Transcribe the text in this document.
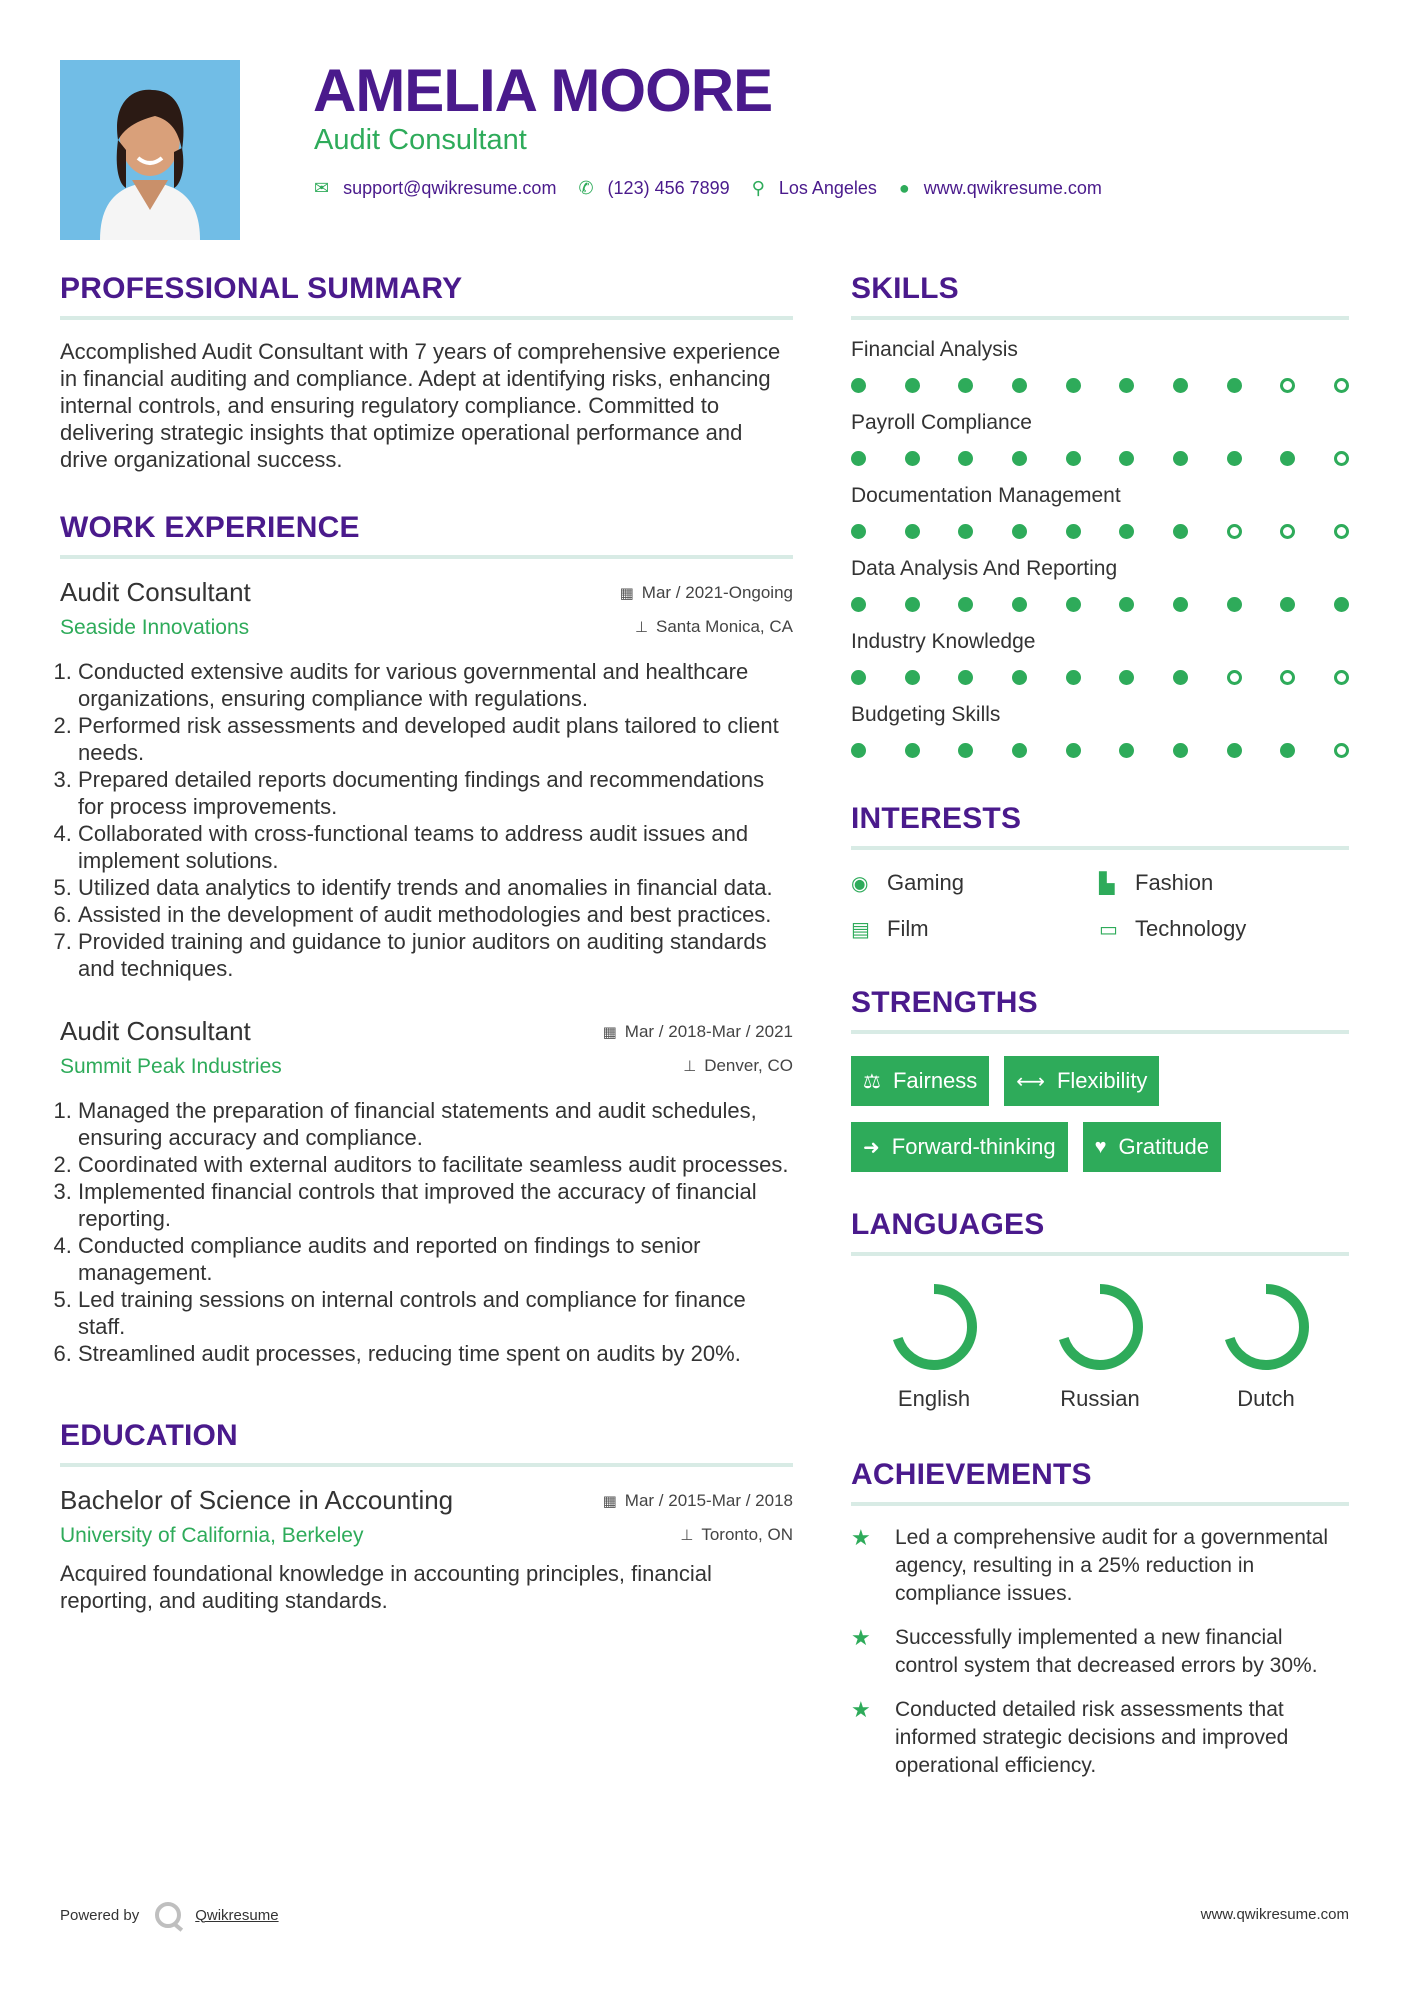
AMELIA MOORE
Audit Consultant
✉ support@qwikresume.com ✆ (123) 456 7899 ⚲ Los Angeles ● www.qwikresume.com
PROFESSIONAL SUMMARY
Accomplished Audit Consultant with 7 years of comprehensive experience in financial auditing and compliance. Adept at identifying risks, enhancing internal controls, and ensuring regulatory compliance. Committed to delivering strategic insights that optimize operational performance and drive organizational success.
WORK EXPERIENCE
Audit Consultant
Seaside Innovations
▦ Mar / 2021-Ongoing
⊥ Santa Monica, CA
1. Conducted extensive audits for various governmental and healthcare organizations, ensuring compliance with regulations.
2. Performed risk assessments and developed audit plans tailored to client needs.
3. Prepared detailed reports documenting findings and recommendations for process improvements.
4. Collaborated with cross-functional teams to address audit issues and implement solutions.
5. Utilized data analytics to identify trends and anomalies in financial data.
6. Assisted in the development of audit methodologies and best practices.
7. Provided training and guidance to junior auditors on auditing standards and techniques.
Audit Consultant
Summit Peak Industries
▦ Mar / 2018-Mar / 2021
⊥ Denver, CO
1. Managed the preparation of financial statements and audit schedules, ensuring accuracy and compliance.
2. Coordinated with external auditors to facilitate seamless audit processes.
3. Implemented financial controls that improved the accuracy of financial reporting.
4. Conducted compliance audits and reported on findings to senior management.
5. Led training sessions on internal controls and compliance for finance staff.
6. Streamlined audit processes, reducing time spent on audits by 20%.
EDUCATION
Bachelor of Science in Accounting
University of California, Berkeley
▦ Mar / 2015-Mar / 2018
⊥ Toronto, ON
Acquired foundational knowledge in accounting principles, financial reporting, and auditing standards.
SKILLS
Financial Analysis
Payroll Compliance
Documentation Management
Data Analysis And Reporting
Industry Knowledge
Budgeting Skills
INTERESTS
◉ Gaming	▙ Fashion
▤ Film	▭ Technology
STRENGTHS
⚖ Fairness ⟷ Flexibility
➜ Forward-thinking ♥ Gratitude
LANGUAGES
English	Russian	Dutch
ACHIEVEMENTS
★	Led a comprehensive audit for a governmental agency, resulting in a 25% reduction in compliance issues.
★	Successfully implemented a new financial control system that decreased errors by 30%.
★	Conducted detailed risk assessments that informed strategic decisions and improved operational efficiency.
Powered by	Qwikresume	www.qwikresume.com
